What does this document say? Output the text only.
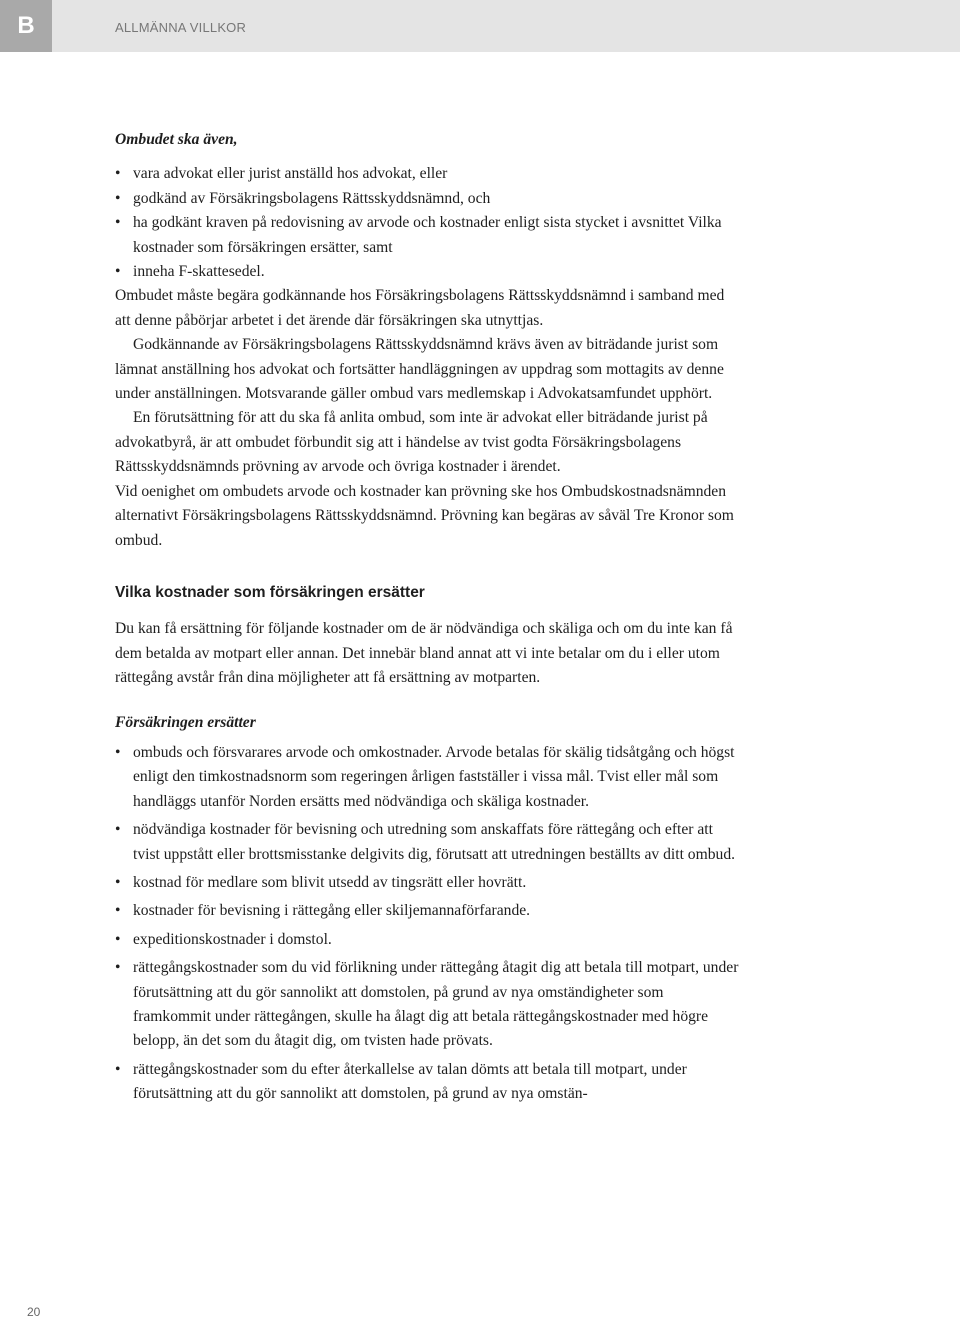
B	ALLMÄNNA VILLKOR

Ombudet ska även,

• vara advokat eller jurist anställd hos advokat, eller
• godkänd av Försäkringsbolagens Rättsskyddsnämnd, och
• ha godkänt kraven på redovisning av arvode och kostnader enligt sista stycket i avsnittet Vilka kostnader som försäkringen ersätter, samt
• inneha F-skattesedel.

Ombudet måste begära godkännande hos Försäkringsbolagens Rättsskyddsnämnd i samband med att denne påbörjar arbetet i det ärende där försäkringen ska utnyttjas.

Godkännande av Försäkringsbolagens Rättsskyddsnämnd krävs även av biträdande jurist som lämnat anställning hos advokat och fortsätter handläggningen av uppdrag som mottagits av denne under anställningen. Motsvarande gäller ombud vars medlemskap i Advokatsamfundet upphört.

En förutsättning för att du ska få anlita ombud, som inte är advokat eller biträdande jurist på advokatbyrå, är att ombudet förbundit sig att i händelse av tvist godta Försäkringsbolagens Rättsskyddsnämnds prövning av arvode och övriga kostnader i ärendet.

Vid oenighet om ombudets arvode och kostnader kan prövning ske hos Ombudskostnadsnämnden alternativt Försäkringsbolagens Rättsskyddsnämnd. Prövning kan begäras av såväl Tre Kronor som ombud.

Vilka kostnader som försäkringen ersätter

Du kan få ersättning för följande kostnader om de är nödvändiga och skäliga och om du inte kan få dem betalda av motpart eller annan. Det innebär bland annat att vi inte betalar om du i eller utom rättegång avstår från dina möjligheter att få ersättning av motparten.

Försäkringen ersätter

• ombuds och försvarares arvode och omkostnader. Arvode betalas för skälig tidsåtgång och högst enligt den timkostnadsnorm som regeringen årligen fastställer i vissa mål. Tvist eller mål som handläggs utanför Norden ersätts med nödvändiga och skäliga kostnader.
• nödvändiga kostnader för bevisning och utredning som anskaffats före rättegång och efter att tvist uppstått eller brottsmisstanke delgivits dig, förutsatt att utredningen beställts av ditt ombud.
• kostnad för medlare som blivit utsedd av tingsrätt eller hovrätt.
• kostnader för bevisning i rättegång eller skiljemannaförfarande.
• expeditionskostnader i domstol.
• rättegångskostnader som du vid förlikning under rättegång åtagit dig att betala till motpart, under förutsättning att du gör sannolikt att domstolen, på grund av nya omständigheter som framkommit under rättegången, skulle ha ålagt dig att betala rättegångskostnader med högre belopp, än det som du åtagit dig, om tvisten hade prövats.
• rättegångskostnader som du efter återkallelse av talan dömts att betala till motpart, under förutsättning att du gör sannolikt att domstolen, på grund av nya omstän-
20
